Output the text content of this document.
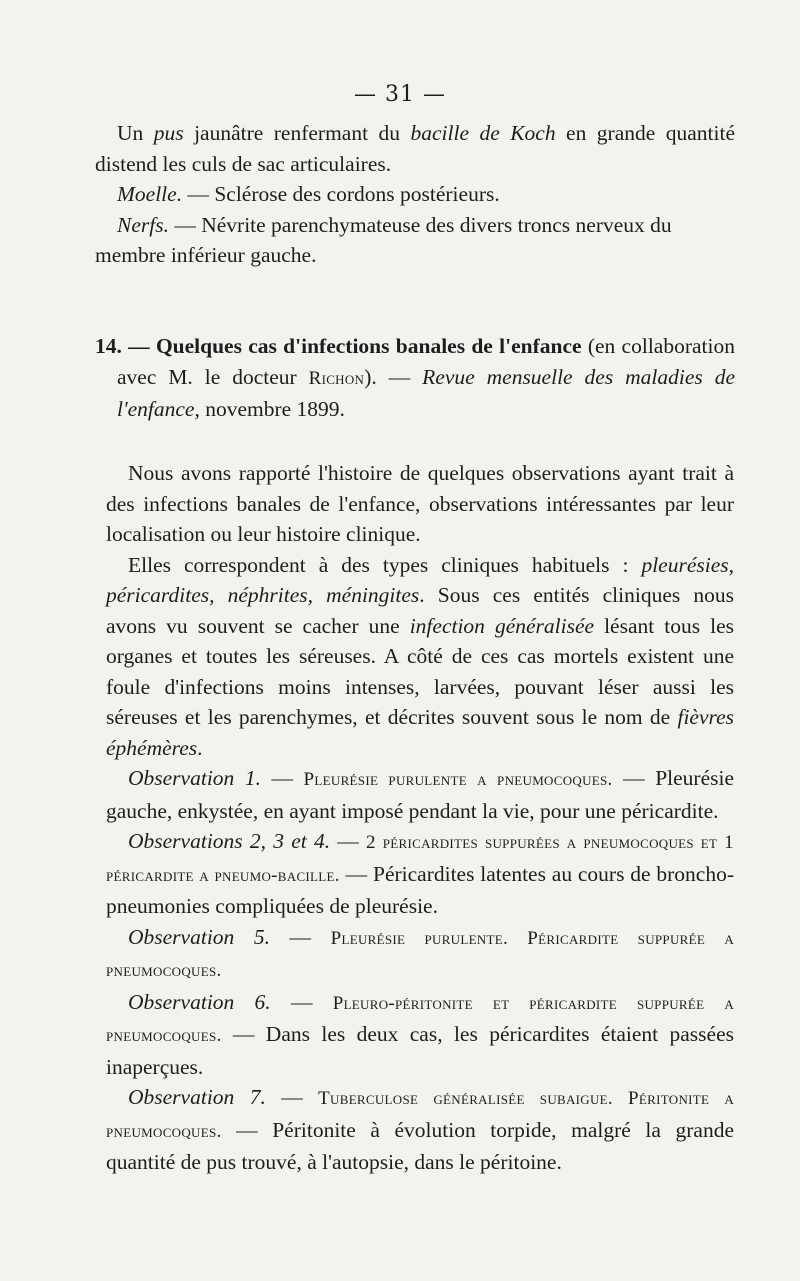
— 31 —

Un pus jaunâtre renfermant du bacille de Koch en grande quantité distend les culs de sac articulaires.

Moelle. — Sclérose des cordons postérieurs.

Nerfs. — Névrite parenchymateuse des divers troncs nerveux du membre inférieur gauche.

14. — Quelques cas d'infections banales de l'enfance (en collaboration avec M. le docteur Richon). — Revue mensuelle des maladies de l'enfance, novembre 1899.

Nous avons rapporté l'histoire de quelques observations ayant trait à des infections banales de l'enfance, observations intéressantes par leur localisation ou leur histoire clinique.

Elles correspondent à des types cliniques habituels : pleurésies, péricardites, néphrites, méningites. Sous ces entités cliniques nous avons vu souvent se cacher une infection généralisée lésant tous les organes et toutes les séreuses. A côté de ces cas mortels existent une foule d'infections moins intenses, larvées, pouvant léser aussi les séreuses et les parenchymes, et décrites souvent sous le nom de fièvres éphémères.

Observation 1. — Pleurésie purulente a pneumocoques. — Pleurésie gauche, enkystée, en ayant imposé pendant la vie, pour une péricardite.

Observations 2, 3 et 4. — 2 péricardites suppurées a pneumocoques et 1 péricardite a pneumo-bacille. — Péricardites latentes au cours de broncho-pneumonies compliquées de pleurésie.

Observation 5. — Pleurésie purulente. Péricardite suppurée a pneumocoques.

Observation 6. — Pleuro-péritonite et péricardite suppurée a pneumocoques. — Dans les deux cas, les péricardites étaient passées inaperçues.

Observation 7. — Tuberculose généralisée subaigue. Péritonite a pneumocoques. — Péritonite à évolution torpide, malgré la grande quantité de pus trouvé, à l'autopsie, dans le péritoine.
